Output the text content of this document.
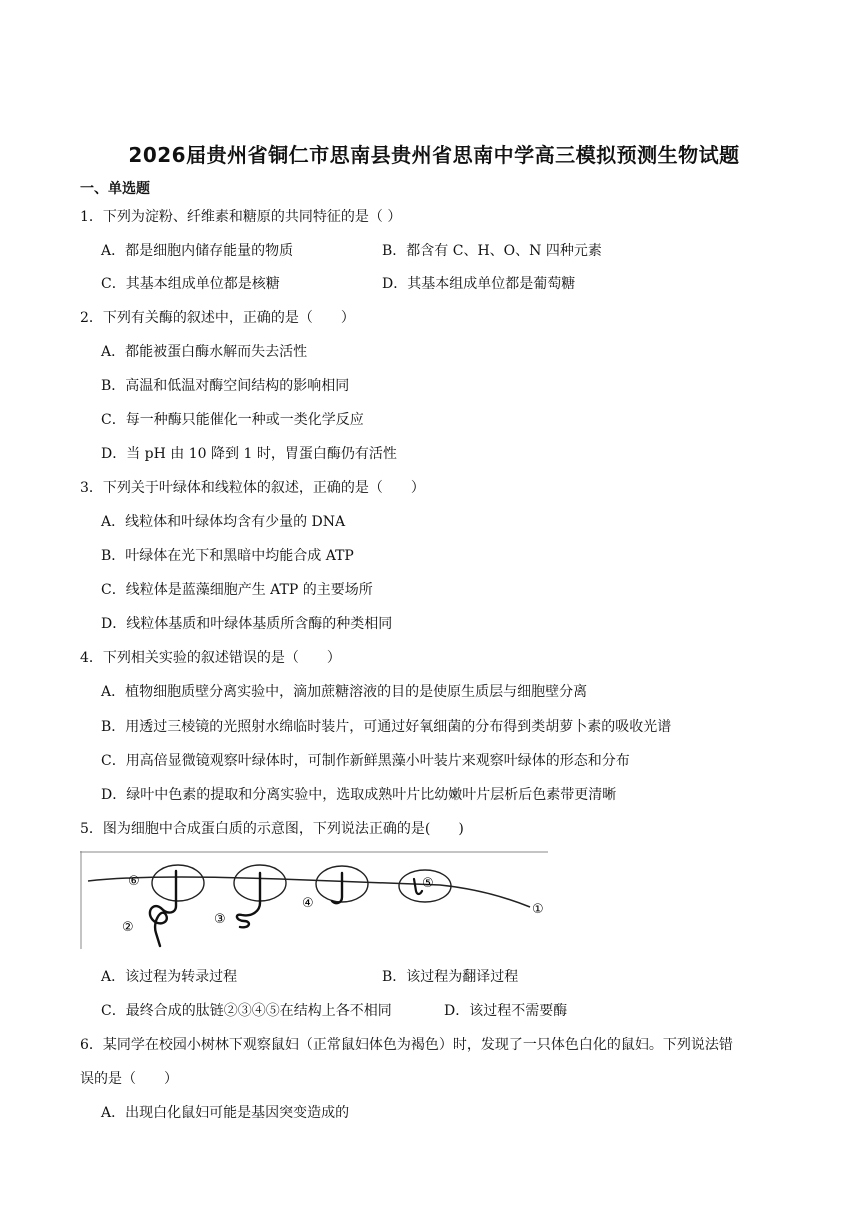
2026届贵州省铜仁市思南县贵州省思南中学高三模拟预测生物试题
一、单选题
1．下列为淀粉、纤维素和糖原的共同特征的是（ ）
A．都是细胞内储存能量的物质	B．都含有 C、H、O、N 四种元素
C．其基本组成单位都是核糖	D．其基本组成单位都是葡萄糖
2．下列有关酶的叙述中，正确的是（　　）
A．都能被蛋白酶水解而失去活性
B．高温和低温对酶空间结构的影响相同
C．每一种酶只能催化一种或一类化学反应
D．当 pH 由 10 降到 1 时，胃蛋白酶仍有活性
3．下列关于叶绿体和线粒体的叙述，正确的是（　　）
A．线粒体和叶绿体均含有少量的 DNA
B．叶绿体在光下和黑暗中均能合成 ATP
C．线粒体是蓝藻细胞产生 ATP 的主要场所
D．线粒体基质和叶绿体基质所含酶的种类相同
4．下列相关实验的叙述错误的是（　　）
A．植物细胞质壁分离实验中，滴加蔗糖溶液的目的是使原生质层与细胞壁分离
B．用透过三棱镜的光照射水绵临时装片，可通过好氧细菌的分布得到类胡萝卜素的吸收光谱
C．用高倍显微镜观察叶绿体时，可制作新鲜黑藻小叶装片来观察叶绿体的形态和分布
D．绿叶中色素的提取和分离实验中，选取成熟叶片比幼嫩叶片层析后色素带更清晰
5．图为细胞中合成蛋白质的示意图，下列说法正确的是(　　)
⑥	⑤
②
③
④	①
A．该过程为转录过程	B．该过程为翻译过程
C．最终合成的肽链②③④⑤在结构上各不相同	D．该过程不需要酶
6．某同学在校园小树林下观察鼠妇（正常鼠妇体色为褐色）时，发现了一只体色白化的鼠妇。下列说法错
误的是（　　）
A．出现白化鼠妇可能是基因突变造成的
